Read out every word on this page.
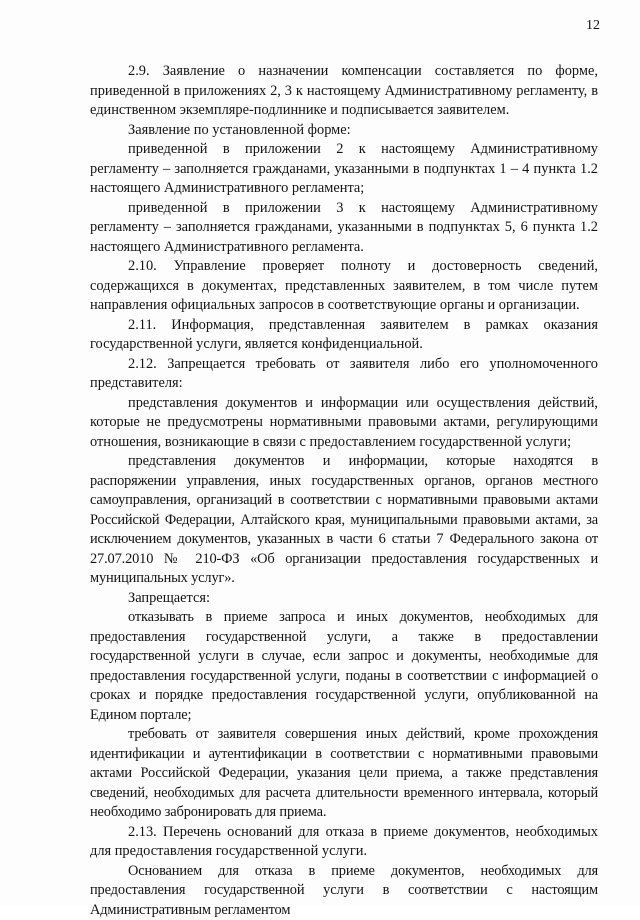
12

2.9. Заявление о назначении компенсации составляется по форме, приведенной в приложениях 2, 3 к настоящему Административному регламенту, в единственном экземпляре-подлиннике и подписывается заявителем.

Заявление по установленной форме:

приведенной в приложении 2 к настоящему Административному регламенту – заполняется гражданами, указанными в подпунктах 1 – 4 пункта 1.2 настоящего Административного регламента;

приведенной в приложении 3 к настоящему Административному регламенту – заполняется гражданами, указанными в подпунктах 5, 6 пункта 1.2 настоящего Административного регламента.

2.10. Управление проверяет полноту и достоверность сведений, содержащихся в документах, представленных заявителем, в том числе путем направления официальных запросов в соответствующие органы и организации.

2.11. Информация, представленная заявителем в рамках оказания государственной услуги, является конфиденциальной.

2.12. Запрещается требовать от заявителя либо его уполномоченного представителя:

представления документов и информации или осуществления действий, которые не предусмотрены нормативными правовыми актами, регулирующими отношения, возникающие в связи с предоставлением государственной услуги;

представления документов и информации, которые находятся в распоряжении управления, иных государственных органов, органов местного самоуправления, организаций в соответствии с нормативными правовыми актами Российской Федерации, Алтайского края, муниципальными правовыми актами, за исключением документов, указанных в части 6 статьи 7 Федерального закона от 27.07.2010 № 210-ФЗ «Об организации предоставления государственных и муниципальных услуг».

Запрещается:

отказывать в приеме запроса и иных документов, необходимых для предоставления государственной услуги, а также в предоставлении государственной услуги в случае, если запрос и документы, необходимые для предоставления государственной услуги, поданы в соответствии с информацией о сроках и порядке предоставления государственной услуги, опубликованной на Едином портале;

требовать от заявителя совершения иных действий, кроме прохождения идентификации и аутентификации в соответствии с нормативными правовыми актами Российской Федерации, указания цели приема, а также представления сведений, необходимых для расчета длительности временного интервала, который необходимо забронировать для приема.

2.13. Перечень оснований для отказа в приеме документов, необходимых для предоставления государственной услуги.

Основанием для отказа в приеме документов, необходимых для предоставления государственной услуги в соответствии с настоящим Административным регламентом
